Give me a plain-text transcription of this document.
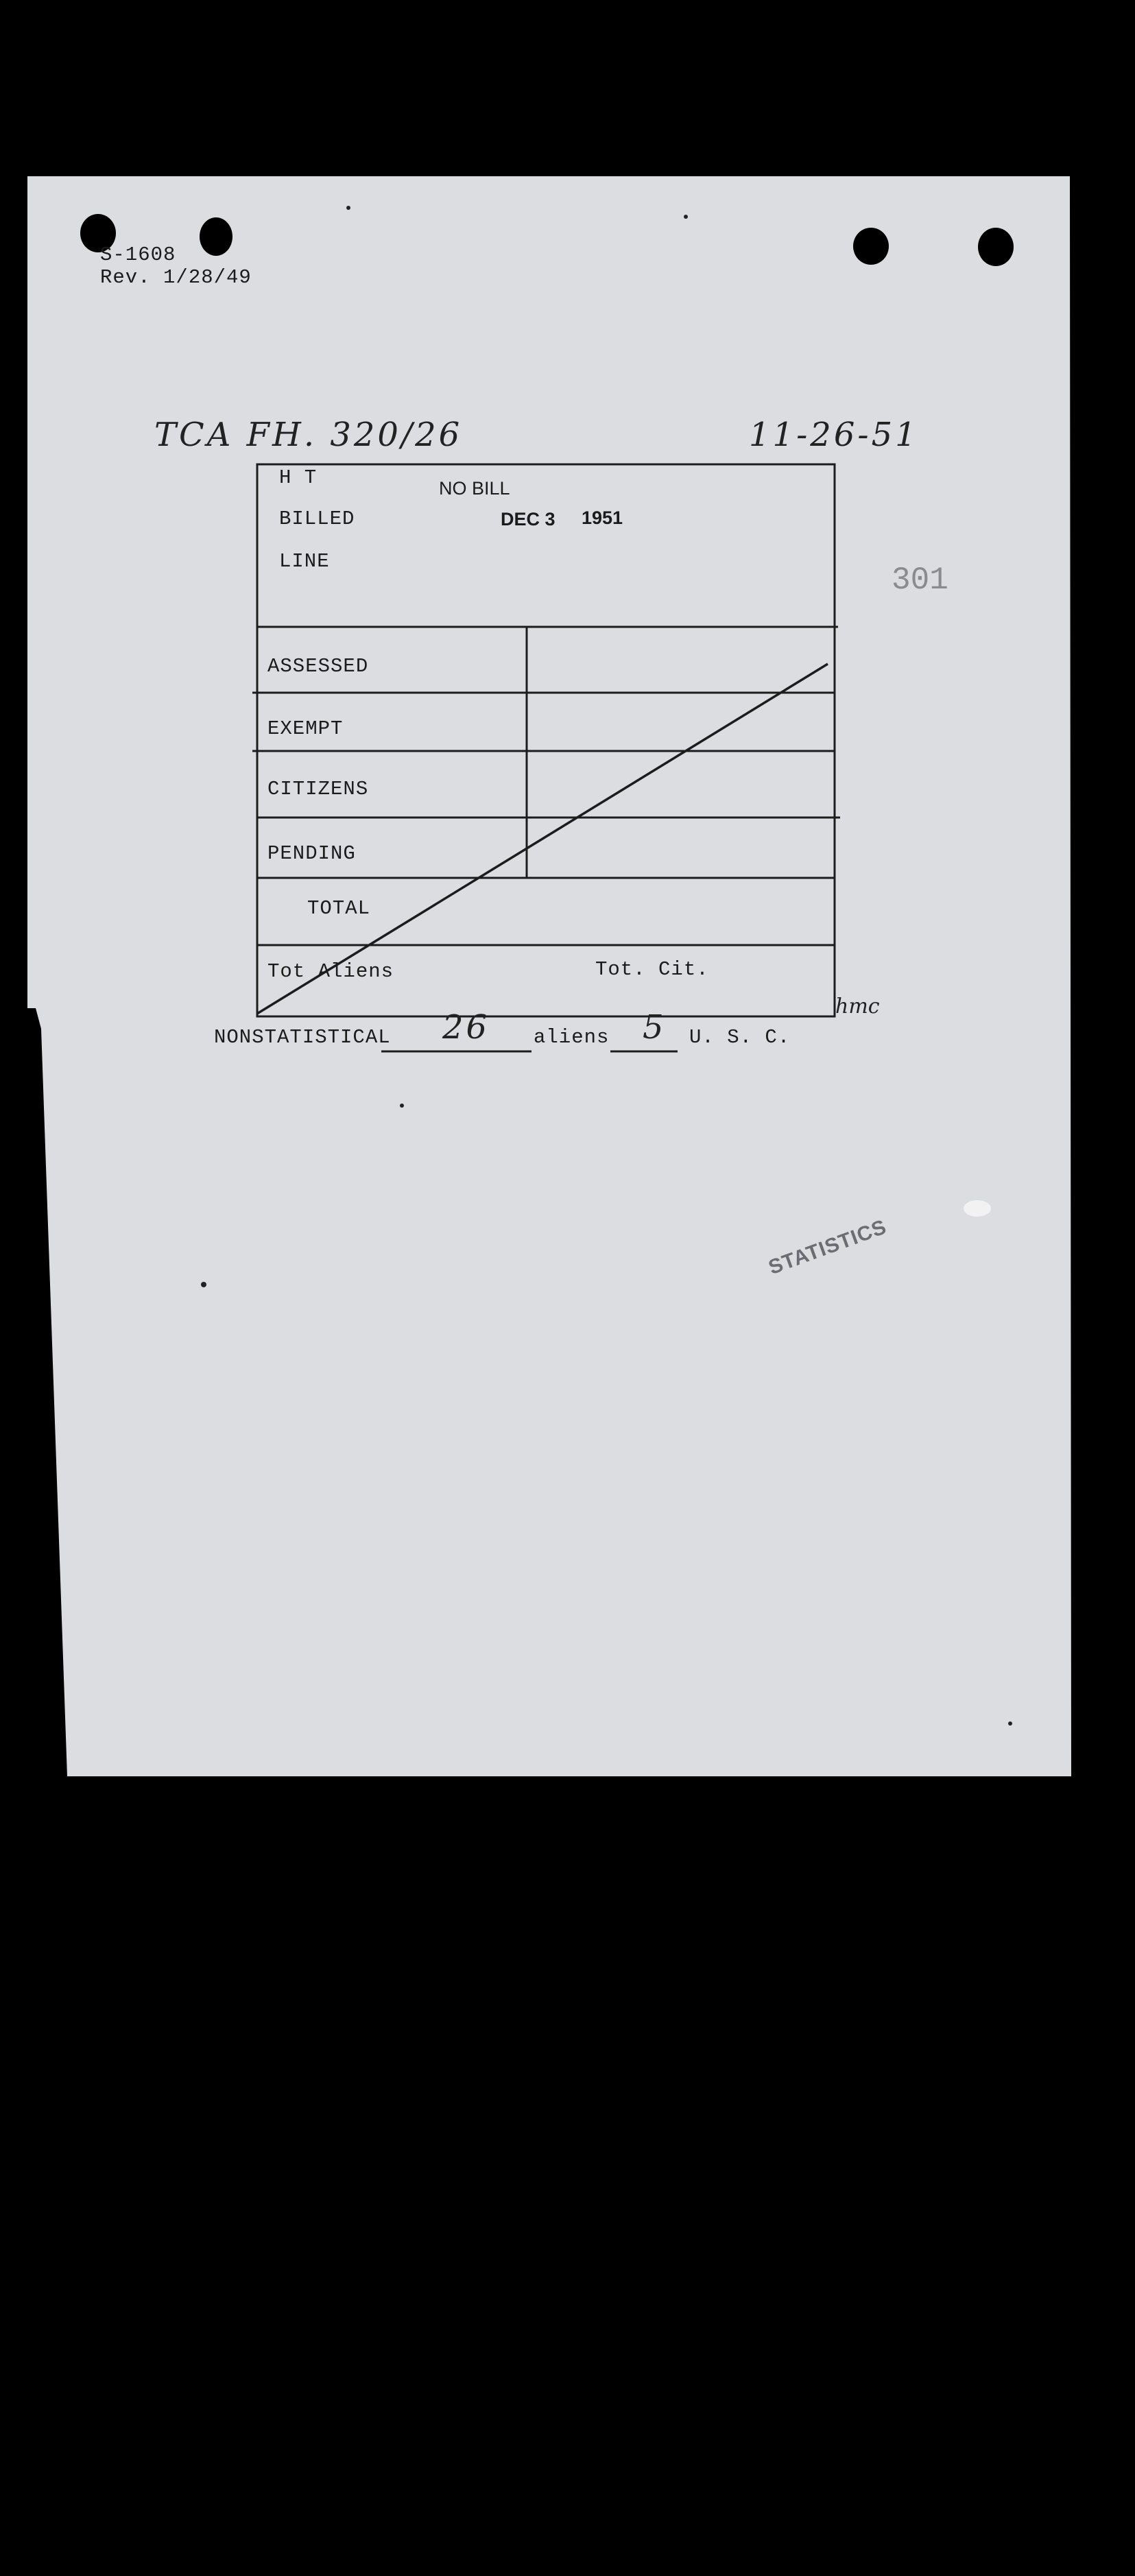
S-1608
Rev. 1/28/49
TCA FH. 320/26	11-26-51
H T
BILLED
LINE
NO BILL
DEC 3 1951
301
ASSESSED
EXEMPT
CITIZENS
PENDING
TOTAL
Tot Aliens	Tot. Cit.
hmc
NONSTATISTICAL 26 aliens 5 U. S. C.
STATISTICS
